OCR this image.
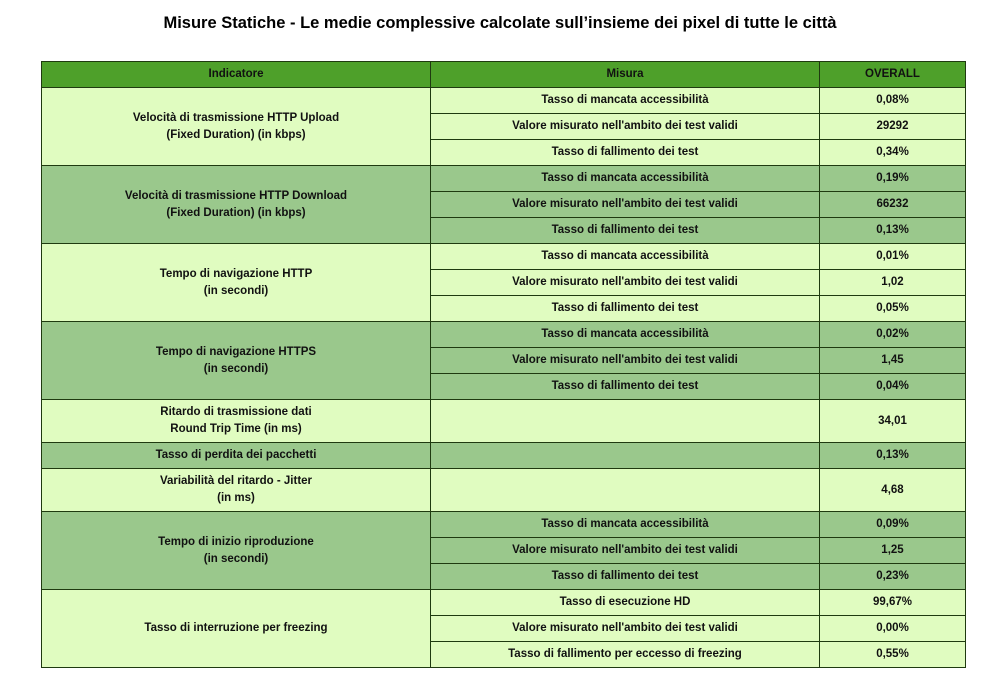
Misure Statiche - Le medie complessive calcolate sull’insieme dei pixel di tutte le città
Indicatore	Misura	OVERALL

Velocità di trasmissione HTTP Upload
(Fixed Duration) (in kbps)	Tasso di mancata accessibilità	0,08%
	Valore misurato nell'ambito dei test validi	29292
	Tasso di fallimento dei test	0,34%

Velocità di trasmissione HTTP Download
(Fixed Duration) (in kbps)	Tasso di mancata accessibilità	0,19%
	Valore misurato nell'ambito dei test validi	66232
	Tasso di fallimento dei test	0,13%

Tempo di navigazione HTTP
(in secondi)	Tasso di mancata accessibilità	0,01%
	Valore misurato nell'ambito dei test validi	1,02
	Tasso di fallimento dei test	0,05%

Tempo di navigazione HTTPS
(in secondi)	Tasso di mancata accessibilità	0,02%
	Valore misurato nell'ambito dei test validi	1,45
	Tasso di fallimento dei test	0,04%

Ritardo di trasmissione dati
Round Trip Time (in ms)		34,01

Tasso di perdita dei pacchetti		0,13%

Variabilità del ritardo - Jitter
(in ms)		4,68

Tempo di inizio riproduzione
(in secondi)	Tasso di mancata accessibilità	0,09%
	Valore misurato nell'ambito dei test validi	1,25
	Tasso di fallimento dei test	0,23%

Tasso di interruzione per freezing	Tasso di esecuzione HD	99,67%
	Valore misurato nell'ambito dei test validi	0,00%
	Tasso di fallimento per eccesso di freezing	0,55%
